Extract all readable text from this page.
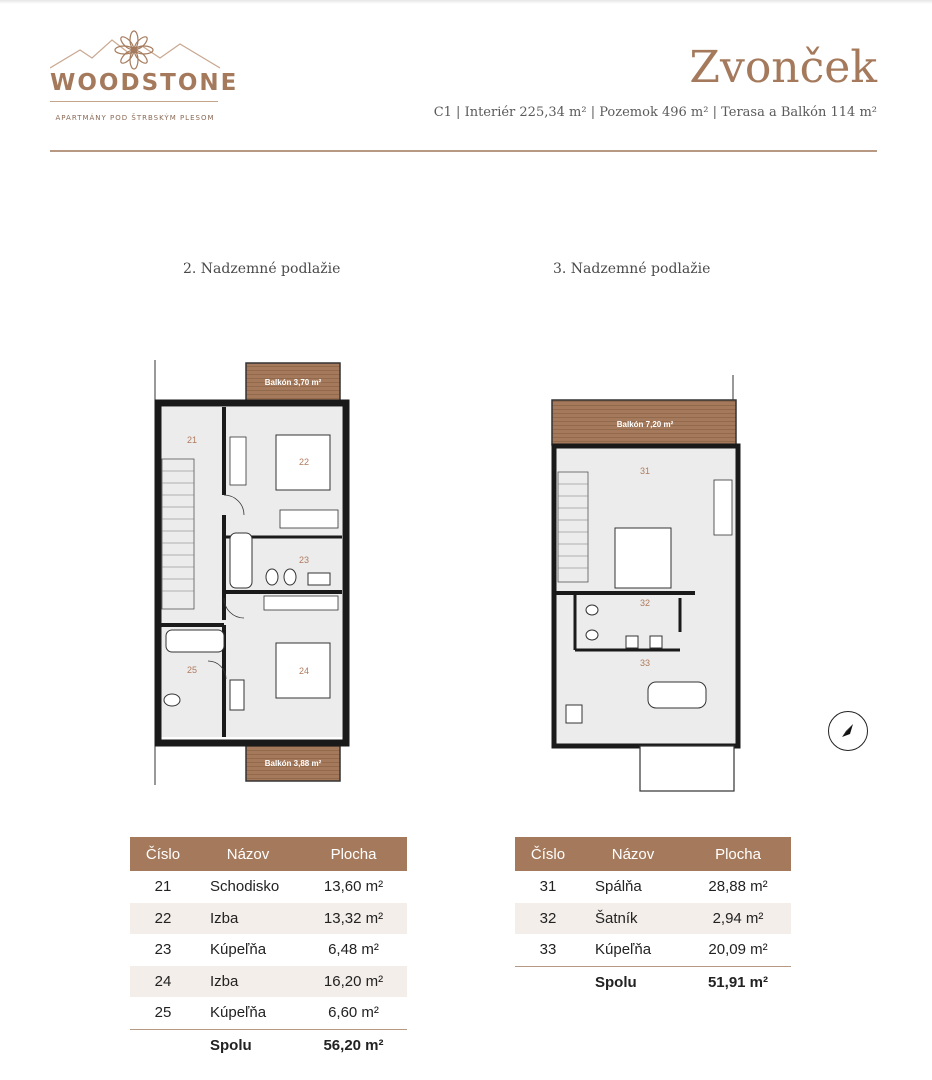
WOODSTONE
APARTMÁNY POD ŠTRBSKÝM PLESOM
Zvonček
C1 | Interiér 225,34 m² | Pozemok 496 m² | Terasa a Balkón 114 m²
2. Nadzemné podlažie	3. Nadzemné podlažie
Balkón 3,70 m²
Balkón 3,88 m²
21
22
23
24
25
Balkón 7,20 m²
31
32
33
Číslo	Názov	Plocha
21	Schodisko	13,60 m²
22	Izba	13,32 m²
23	Kúpeľňa	6,48 m²
24	Izba	16,20 m²
25	Kúpeľňa	6,60 m²
	Spolu	56,20 m²
Číslo	Názov	Plocha
31	Spálňa	28,88 m²
32	Šatník	2,94 m²
33	Kúpeľňa	20,09 m²
	Spolu	51,91 m²
